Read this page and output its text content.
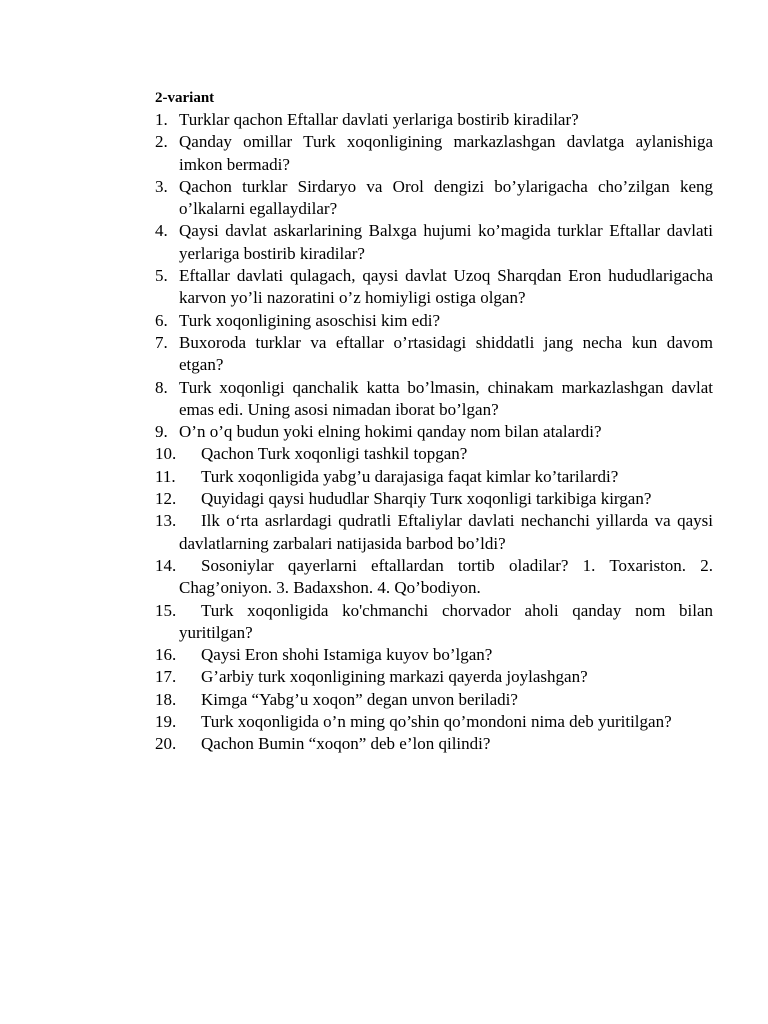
2-variant
1. Turklar qachon Eftallar davlati yerlariga bostirib kiradilar?
2. Qanday omillar Turk xoqonligining markazlashgan davlatga aylanishiga imkon bermadi?
3. Qachon turklar Sirdaryo va Orol dengizi bo’ylarigacha cho’zilgan keng o’lkalarni egallaydilar?
4. Qaysi davlat askarlarining Balxga hujumi ko’magida turklar Eftallar davlati yerlariga bostirib kiradilar?
5. Eftallar davlati qulagach, qaysi davlat Uzoq Sharqdan Eron hududlarigacha karvon yo’li nazoratini o’z homiyligi ostiga olgan?
6. Turk xoqonligining asoschisi kim edi?
7. Buxoroda turklar va eftallar o’rtasidagi shiddatli jang necha kun davom etgan?
8. Turk xoqonligi qanchalik katta bo’lmasin, chinakam markazlashgan davlat emas edi. Uning asosi nimadan iborat bo’lgan?
9. O’n o’q budun yoki elning hokimi qanday nom bilan atalardi?
10. Qachon Turk xoqonligi tashkil topgan?
11. Turk xoqonligida yabg’u darajasiga faqat kimlar ko’tarilardi?
12. Quyidagi qaysi hududlar Sharqiy Turк xoqonligi tarkibiga kirgan?
13. Ilk o‘rta asrlardagi qudratli Eftaliylar davlati nechanchi yillarda va qaysi davlatlarning zarbalari natijasida barbod bo’ldi?
14. Sosoniylar qayerlarni eftallardan tortib oladilar? 1. Toxariston. 2. Chag’oniyon. 3. Badaxshon. 4. Qo’bodiyon.
15. Turk xoqonligida ko'chmanchi chorvador aholi qanday nom bilan yuritilgan?
16. Qaysi Eron shohi Istamiga kuyov bo’lgan?
17. G’arbiy turk xoqonligining markazi qayerda joylashgan?
18. Kimga “Yabg’u xoqon” degan unvon beriladi?
19. Turk xoqonligida o’n ming qo’shin qo’mondoni nima deb yuritilgan?
20. Qachon Bumin “xoqon” deb e’lon qilindi?
